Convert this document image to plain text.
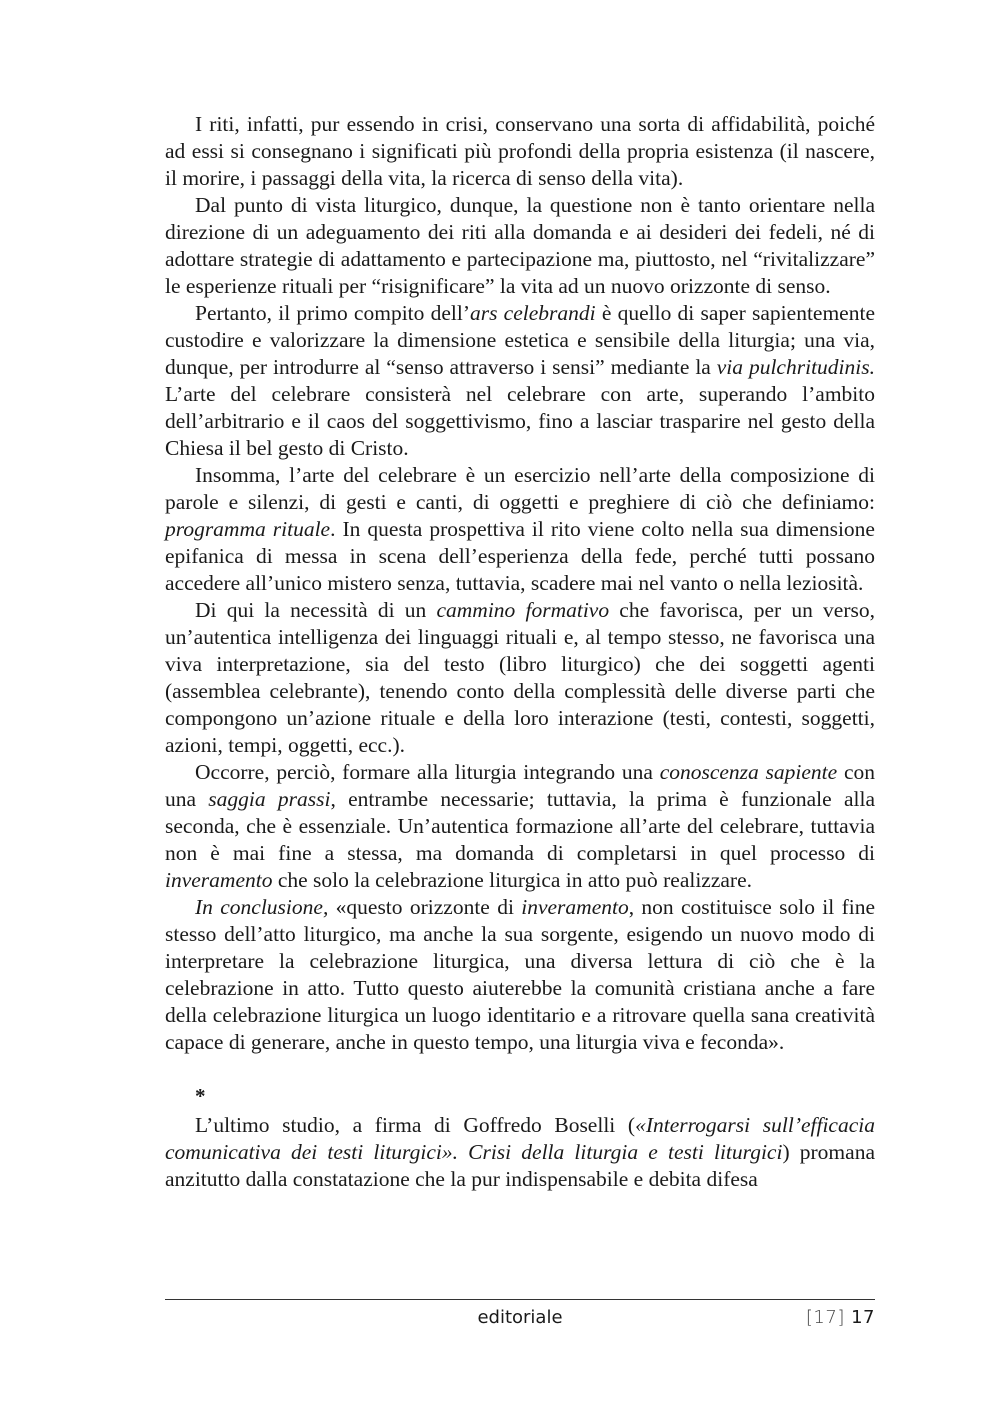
I riti, infatti, pur essendo in crisi, conservano una sorta di affidabilità, poiché ad essi si consegnano i significati più profondi della propria esistenza (il nascere, il morire, i passaggi della vita, la ricerca di senso della vita).

Dal punto di vista liturgico, dunque, la questione non è tanto orientare nella direzione di un adeguamento dei riti alla domanda e ai desideri dei fedeli, né di adottare strategie di adattamento e partecipazione ma, piuttosto, nel “rivitalizzare” le esperienze rituali per “risignificare” la vita ad un nuovo orizzonte di senso.

Pertanto, il primo compito dell’ars celebrandi è quello di saper sapientemente custodire e valorizzare la dimensione estetica e sensibile della liturgia; una via, dunque, per introdurre al “senso attraverso i sensi” mediante la via pulchritudinis. L’arte del celebrare consisterà nel celebrare con arte, superando l’ambito dell’arbitrario e il caos del soggettivismo, fino a lasciar trasparire nel gesto della Chiesa il bel gesto di Cristo.

Insomma, l’arte del celebrare è un esercizio nell’arte della composizione di parole e silenzi, di gesti e canti, di oggetti e preghiere di ciò che definiamo: programma rituale. In questa prospettiva il rito viene colto nella sua dimensione epifanica di messa in scena dell’esperienza della fede, perché tutti possano accedere all’unico mistero senza, tuttavia, scadere mai nel vanto o nella leziosità.

Di qui la necessità di un cammino formativo che favorisca, per un verso, un’autentica intelligenza dei linguaggi rituali e, al tempo stesso, ne favorisca una viva interpretazione, sia del testo (libro liturgico) che dei soggetti agenti (assemblea celebrante), tenendo conto della complessità delle diverse parti che compongono un’azione rituale e della loro interazione (testi, contesti, soggetti, azioni, tempi, oggetti, ecc.).

Occorre, perciò, formare alla liturgia integrando una conoscenza sapiente con una saggia prassi, entrambe necessarie; tuttavia, la prima è funzionale alla seconda, che è essenziale. Un’autentica formazione all’arte del celebrare, tuttavia non è mai fine a stessa, ma domanda di completarsi in quel processo di inveramento che solo la celebrazione liturgica in atto può realizzare.

In conclusione, «questo orizzonte di inveramento, non costituisce solo il fine stesso dell’atto liturgico, ma anche la sua sorgente, esigendo un nuovo modo di interpretare la celebrazione liturgica, una diversa lettura di ciò che è la celebrazione in atto. Tutto questo aiuterebbe la comunità cristiana anche a fare della celebrazione liturgica un luogo identitario e a ritrovare quella sana creatività capace di generare, anche in questo tempo, una liturgia viva e feconda».

*

L’ultimo studio, a firma di Goffredo Boselli («Interrogarsi sull’efficacia comunicativa dei testi liturgici». Crisi della liturgia e testi liturgici) promana anzitutto dalla constatazione che la pur indispensabile e debita difesa

editoriale	[17] 17
